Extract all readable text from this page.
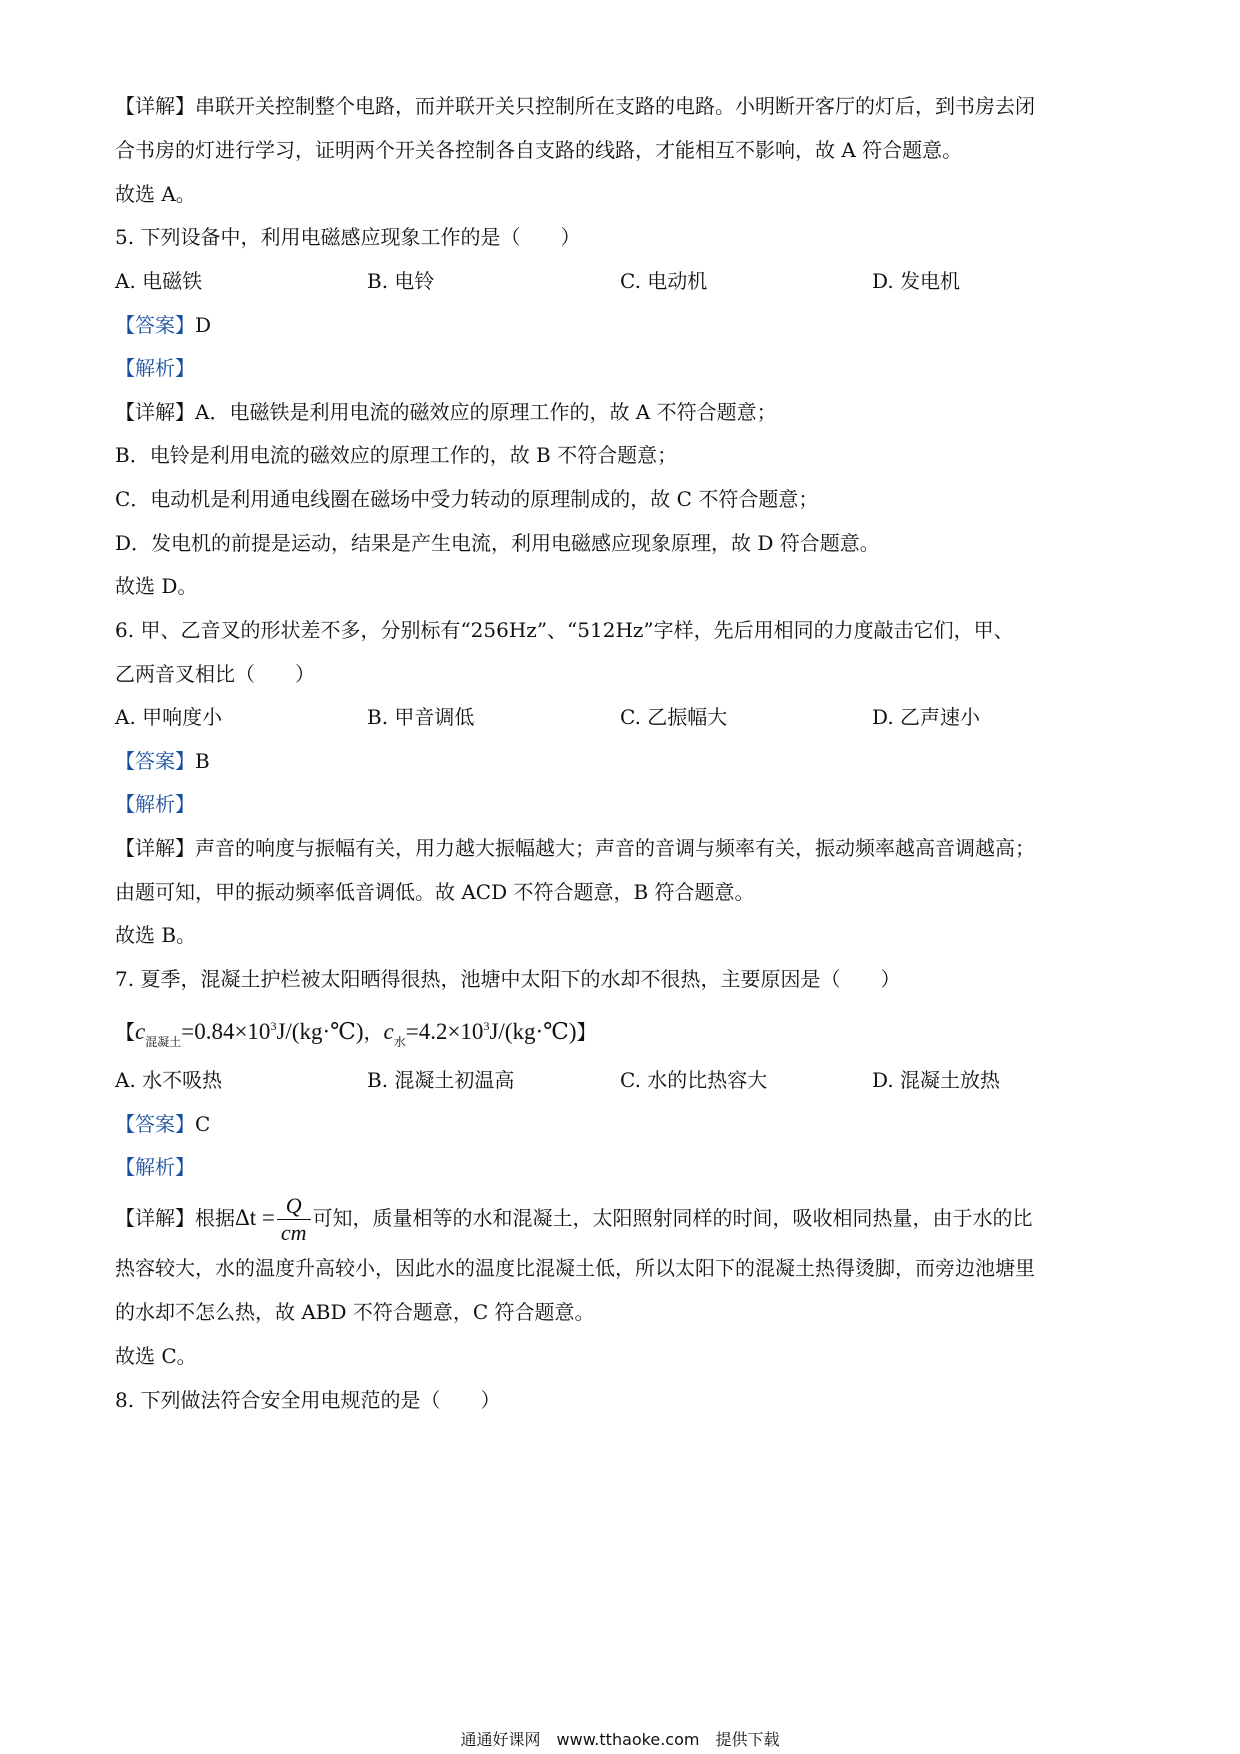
【详解】串联开关控制整个电路，而并联开关只控制所在支路的电路。小明断开客厅的灯后，到书房去闭
合书房的灯进行学习，证明两个开关各控制各自支路的线路，才能相互不影响，故 A 符合题意。
故选 A。
5. 下列设备中，利用电磁感应现象工作的是（　　）
A. 电磁铁	B. 电铃	C. 电动机	D. 发电机
【答案】D
【解析】
【详解】A．电磁铁是利用电流的磁效应的原理工作的，故 A 不符合题意；
B．电铃是利用电流的磁效应的原理工作的，故 B 不符合题意；
C．电动机是利用通电线圈在磁场中受力转动的原理制成的，故 C 不符合题意；
D．发电机的前提是运动，结果是产生电流，利用电磁感应现象原理，故 D 符合题意。
故选 D。
6. 甲、乙音叉的形状差不多，分别标有“256Hz”、“512Hz”字样，先后用相同的力度敲击它们，甲、
乙两音叉相比（　　）
A. 甲响度小	B. 甲音调低	C. 乙振幅大	D. 乙声速小
【答案】B
【解析】
【详解】声音的响度与振幅有关，用力越大振幅越大；声音的音调与频率有关，振动频率越高音调越高；
由题可知，甲的振动频率低音调低。故 ACD 不符合题意，B 符合题意。
故选 B。
7. 夏季，混凝土护栏被太阳晒得很热，池塘中太阳下的水却不很热，主要原因是（　　）
【$c_{混凝土}=0.84\times 10^3J/(kg\cdot℃)$，$c_水=4.2\times 10^3J/(kg\cdot℃)$】
A. 水不吸热	B. 混凝土初温高	C. 水的比热容大	D. 混凝土放热
【答案】C
【解析】
【详解】根据$\Delta t = \frac{Q}{cm}$ 可知，质量相等的水和混凝土，太阳照射同样的时间，吸收相同热量，由于水的比
热容较大，水的温度升高较小，因此水的温度比混凝土低，所以太阳下的混凝土热得烫脚，而旁边池塘里
的水却不怎么热，故 ABD 不符合题意，C 符合题意。
故选 C。
8. 下列做法符合安全用电规范的是（　　）
通通好课网　www.tthaoke.com　提供下载
